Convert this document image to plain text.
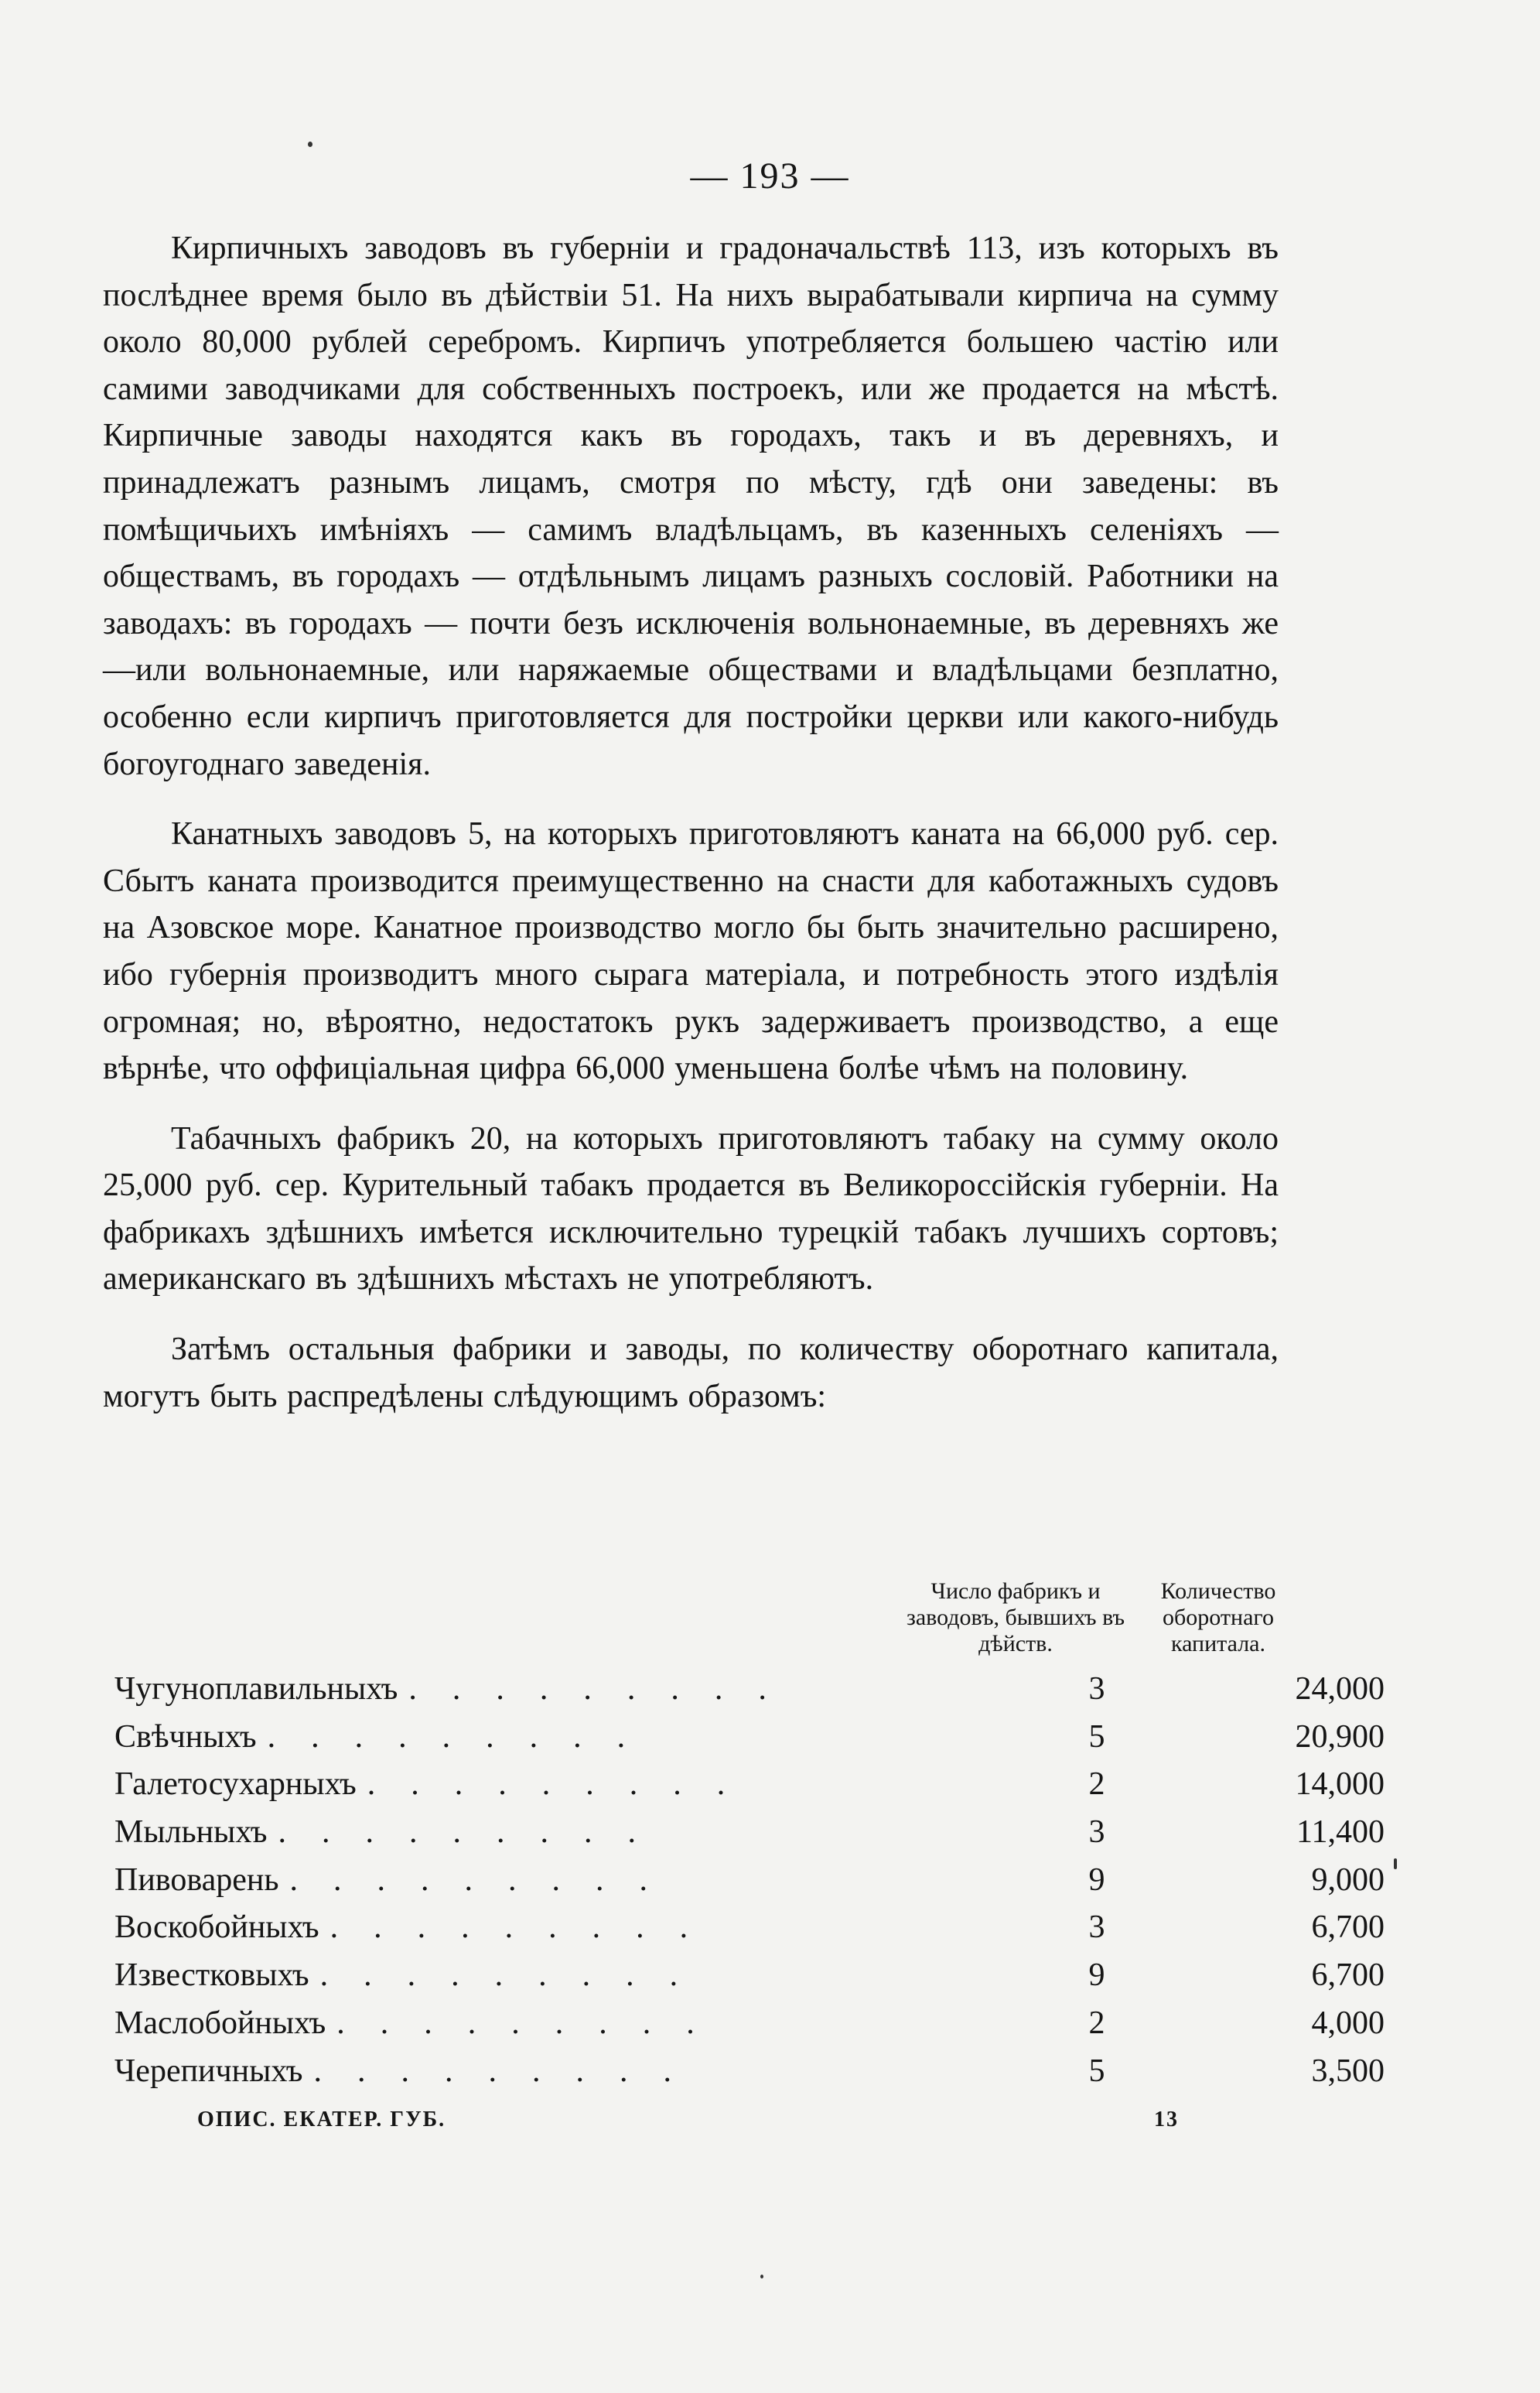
— 193 —

Кирпичныхъ заводовъ въ губерніи и градоначальствѣ 113, изъ которыхъ въ послѣднее время было въ дѣйствіи 51. На нихъ вырабатывали кирпича на сумму около 80,000 рублей серебромъ. Кирпичъ употребляется большею частію или самими заводчиками для собственныхъ построекъ, или же продается на мѣстѣ. Кирпичные заводы находятся какъ въ городахъ, такъ и въ деревняхъ, и принадлежатъ разнымъ лицамъ, смотря по мѣсту, гдѣ они заведены: въ помѣщичьихъ имѣніяхъ — самимъ владѣльцамъ, въ казенныхъ селеніяхъ — обществамъ, въ городахъ — отдѣльнымъ лицамъ разныхъ сословій. Работники на заводахъ: въ городахъ — почти безъ исключенія вольнонаемные, въ деревняхъ же—или вольнонаемные, или наряжаемые обществами и владѣльцами безплатно, особенно если кирпичъ приготовляется для постройки церкви или какого-нибудь богоугоднаго заведенія.

Канатныхъ заводовъ 5, на которыхъ приготовляютъ каната на 66,000 руб. сер. Сбытъ каната производится преимущественно на снасти для каботажныхъ судовъ на Азовское море. Канатное производство могло бы быть значительно расширено, ибо губернія производитъ много сырага матеріала, и потребность этого издѣлія огромная; но, вѣроятно, недостатокъ рукъ задерживаетъ производство, а еще вѣрнѣе, что оффиціальная цифра 66,000 уменьшена болѣе чѣмъ на половину.

Табачныхъ фабрикъ 20, на которыхъ приготовляютъ табаку на сумму около 25,000 руб. сер. Курительный табакъ продается въ Великороссійскія губерніи. На фабрикахъ здѣшнихъ имѣется исключительно турецкій табакъ лучшихъ сортовъ; американскаго въ здѣшнихъ мѣстахъ не употребляютъ.

Затѣмъ остальныя фабрики и заводы, по количеству оборотнаго капитала, могутъ быть распредѣлены слѣдующимъ образомъ:

Число фабрикъ и заводовъ, бывшихъ въ дѣйств.
Количество оборотнаго капитала.
Чугуноплавильныхъ .........	3	24,000
Свѣчныхъ .........	5	20,900
Галетосухарныхъ .........	2	14,000
Мыльныхъ .........	3	11,400
Пивоварень .........	9	9,000
Воскобойныхъ .........	3	6,700
Известковыхъ .........	9	6,700
Маслобойныхъ .........	2	4,000
Черепичныхъ .........	5	3,500
ОПИС. ЕКАТЕР. ГУБ.	13
